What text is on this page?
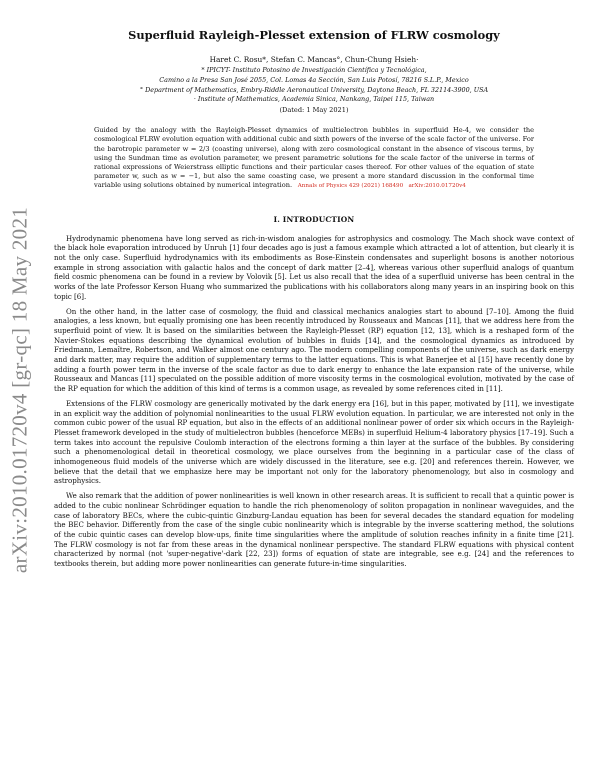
arXiv:2010.01720v4 [gr-qc] 18 May 2021
Superfluid Rayleigh-Plesset extension of FLRW cosmology
Haret C. Rosu*, Stefan C. Mancas°, Chun-Chung Hsieh·

* IPICYT- Instituto Potosino de Investigación Científica y Tecnológica,

Camino a la Presa San José 2055, Col. Lomas 4a Sección, San Luis Potosí, 78216 S.L.P., Mexico

° Department of Mathematics, Embry-Riddle Aeronautical University, Daytona Beach, FL 32114-3900, USA

· Institute of Mathematics, Academia Sinica, Nankang, Taipei 115, Taiwan

(Dated: 1 May 2021)
Guided by the analogy with the Rayleigh-Plesset dynamics of multielectron bubbles in superfluid He-4, we consider the cosmological FLRW evolution equation with additional cubic and sixth powers of the inverse of the scale factor of the universe. For the barotropic parameter w = 2/3 (coasting universe), along with zero cosmological constant in the absence of viscous terms, by using the Sundman time as evolution parameter, we present parametric solutions for the scale factor of the universe in terms of rational expressions of Weierstrass elliptic functions and their particular cases thereof. For other values of the equation of state parameter w, such as w = −1, but also the same coasting case, we present a more standard discussion in the conformal time variable using solutions obtained by numerical integration. Annals of Physics 429 (2021) 168490 arXiv:2010.01720v4
I. INTRODUCTION

Hydrodynamic phenomena have long served as rich-in-wisdom analogies for astrophysics and cosmology. The Mach shock wave context of the black hole evaporation introduced by Unruh [1] four decades ago is just a famous example which attracted a lot of attention, but clearly it is not the only case. Superfluid hydrodynamics with its embodiments as Bose-Einstein condensates and superlight bosons is another notorious example in strong association with galactic halos and the concept of dark matter [2–4], whereas various other superfluid analogs of quantum field cosmic phenomena can be found in a review by Volovik [5]. Let us also recall that the idea of a superfluid universe has been central in the works of the late Professor Kerson Huang who summarized the publications with his collaborators along many years in an inspiring book on this topic [6].

On the other hand, in the latter case of cosmology, the fluid and classical mechanics analogies start to abound [7–10]. Among the fluid analogies, a less known, but equally promising one has been recently introduced by Rousseaux and Mancas [11], that we address here from the superfluid point of view. It is based on the similarities between the Rayleigh-Plesset (RP) equation [12, 13], which is a reshaped form of the Navier-Stokes equations describing the dynamical evolution of bubbles in fluids [14], and the cosmological dynamics as introduced by Friedmann, Lemaître, Robertson, and Walker almost one century ago. The modern compelling components of the universe, such as dark energy and dark matter, may require the addition of supplementary terms to the latter equations. This is what Banerjee et al [15] have recently done by adding a fourth power term in the inverse of the scale factor as due to dark energy to enhance the late expansion rate of the universe, while Rousseaux and Mancas [11] speculated on the possible addition of more viscosity terms in the cosmological evolution, motivated by the case of the RP equation for which the addition of this kind of terms is a common usage, as revealed by some references cited in [11].

Extensions of the FLRW cosmology are generically motivated by the dark energy era [16], but in this paper, motivated by [11], we investigate in an explicit way the addition of polynomial nonlinearities to the usual FLRW evolution equation. In particular, we are interested not only in the common cubic power of the usual RP equation, but also in the effects of an additional nonlinear power of order six which occurs in the Rayleigh-Plesset framework developed in the study of multielectron bubbles (henceforce MEBs) in superfluid Helium-4 laboratory physics [17–19]. Such a term takes into account the repulsive Coulomb interaction of the electrons forming a thin layer at the surface of the bubbles. By considering such a phenomenological detail in theoretical cosmology, we place ourselves from the beginning in a particular case of the class of inhomogeneous fluid models of the universe which are widely discussed in the literature, see e.g. [20] and references therein. However, we believe that the detail that we emphasize here may be important not only for the laboratory phenomenology, but also in cosmology and astrophysics.

We also remark that the addition of power nonlinearities is well known in other research areas. It is sufficient to recall that a quintic power is added to the cubic nonlinear Schrödinger equation to handle the rich phenomenology of soliton propagation in nonlinear waveguides, and the case of laboratory BECs, where the cubic-quintic Ginzburg-Landau equation has been for several decades the standard equation for modeling the BEC behavior. Differently from the case of the single cubic nonlinearity which is integrable by the inverse scattering method, the solutions of the cubic quintic cases can develop blow-ups, finite time singularities where the amplitude of solution reaches infinity in a finite time [21]. The FLRW cosmology is not far from these areas in the dynamical nonlinear perspective. The standard FLRW equations with physical content characterized by normal (not 'super-negative'-dark [22, 23]) forms of equation of state are integrable, see e.g. [24] and the references to textbooks therein, but adding more power nonlinearities can generate future-in-time singularities.
